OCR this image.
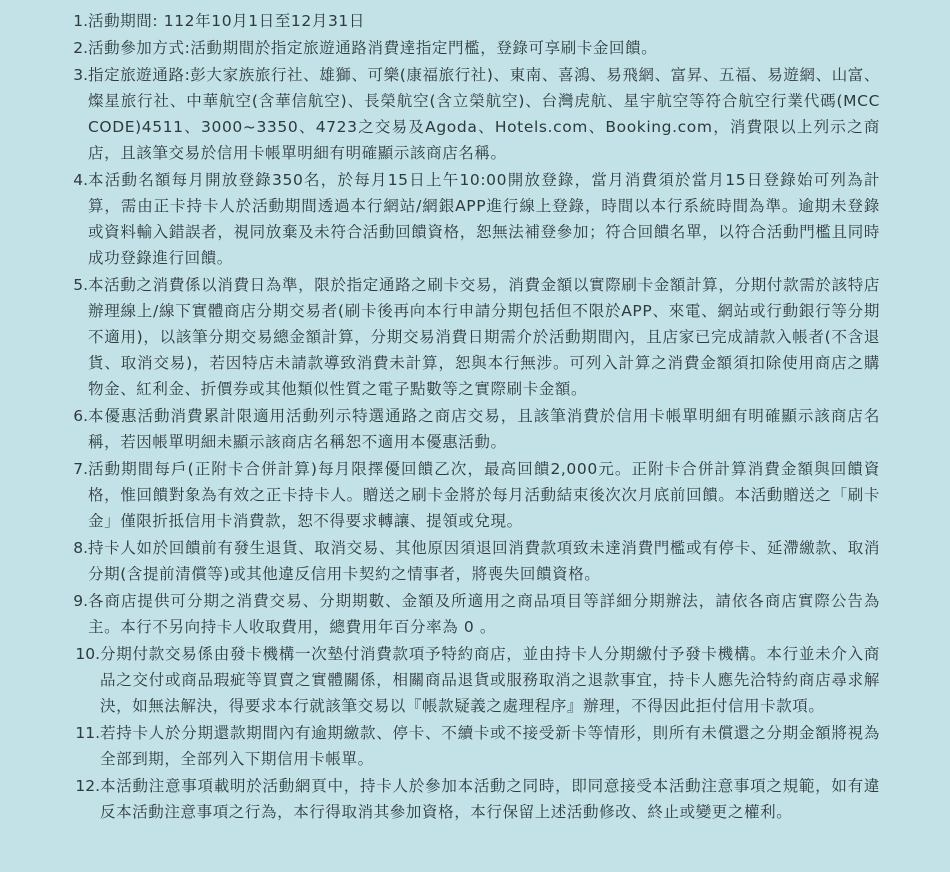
1. 活動期間: 112年10月1日至12月31日
2. 活動參加方式:活動期間於指定旅遊通路消費達指定門檻，登錄可享刷卡金回饋。
3. 指定旅遊通路:彭大家族旅行社、雄獅、可樂(康福旅行社)、東南、喜鴻、易飛網、富昇、五福、易遊網、山富、燦星旅行社、中華航空(含華信航空)、長榮航空(含立榮航空)、台灣虎航、星宇航空等符合航空行業代碼(MCC CODE)4511、3000~3350、4723之交易及Agoda、Hotels.com、Booking.com，消費限以上列示之商店，且該筆交易於信用卡帳單明細有明確顯示該商店名稱。
4. 本活動名額每月開放登錄350名，於每月15日上午10:00開放登錄，當月消費須於當月15日登錄始可列為計算，需由正卡持卡人於活動期間透過本行網站/網銀APP進行線上登錄，時間以本行系統時間為準。逾期未登錄或資料輸入錯誤者，視同放棄及未符合活動回饋資格，恕無法補登參加；符合回饋名單，以符合活動門檻且同時成功登錄進行回饋。
5. 本活動之消費係以消費日為準，限於指定通路之刷卡交易，消費金額以實際刷卡金額計算，分期付款需於該特店辦理線上/線下實體商店分期交易者(刷卡後再向本行申請分期包括但不限於APP、來電、網站或行動銀行等分期不適用)，以該筆分期交易總金額計算，分期交易消費日期需介於活動期間內，且店家已完成請款入帳者(不含退貨、取消交易)，若因特店未請款導致消費未計算，恕與本行無涉。可列入計算之消費金額須扣除使用商店之購物金、紅利金、折價券或其他類似性質之電子點數等之實際刷卡金額。
6. 本優惠活動消費累計限適用活動列示特選通路之商店交易，且該筆消費於信用卡帳單明細有明確顯示該商店名稱，若因帳單明細未顯示該商店名稱恕不適用本優惠活動。
7. 活動期間每戶(正附卡合併計算)每月限擇優回饋乙次，最高回饋2,000元。正附卡合併計算消費金額與回饋資格，惟回饋對象為有效之正卡持卡人。贈送之刷卡金將於每月活動結束後次次月底前回饋。本活動贈送之「刷卡金」僅限折抵信用卡消費款，恕不得要求轉讓、提領或兌現。
8. 持卡人如於回饋前有發生退貨、取消交易、其他原因須退回消費款項致未達消費門檻或有停卡、延滯繳款、取消分期(含提前清償等)或其他違反信用卡契約之情事者，將喪失回饋資格。
9. 各商店提供可分期之消費交易、分期期數、金額及所適用之商品項目等詳細分期辦法，請依各商店實際公告為主。本行不另向持卡人收取費用，總費用年百分率為 0 。
10. 分期付款交易係由發卡機構一次墊付消費款項予特約商店，並由持卡人分期繳付予發卡機構。本行並未介入商品之交付或商品瑕疵等買賣之實體關係，相關商品退貨或服務取消之退款事宜，持卡人應先洽特約商店尋求解決，如無法解決，得要求本行就該筆交易以『帳款疑義之處理程序』辦理，不得因此拒付信用卡款項。
11. 若持卡人於分期還款期間內有逾期繳款、停卡、不續卡或不接受新卡等情形，則所有未償還之分期金額將視為全部到期，全部列入下期信用卡帳單。
12. 本活動注意事項載明於活動網頁中，持卡人於參加本活動之同時，即同意接受本活動注意事項之規範，如有違反本活動注意事項之行為，本行得取消其參加資格，本行保留上述活動修改、終止或變更之權利。
